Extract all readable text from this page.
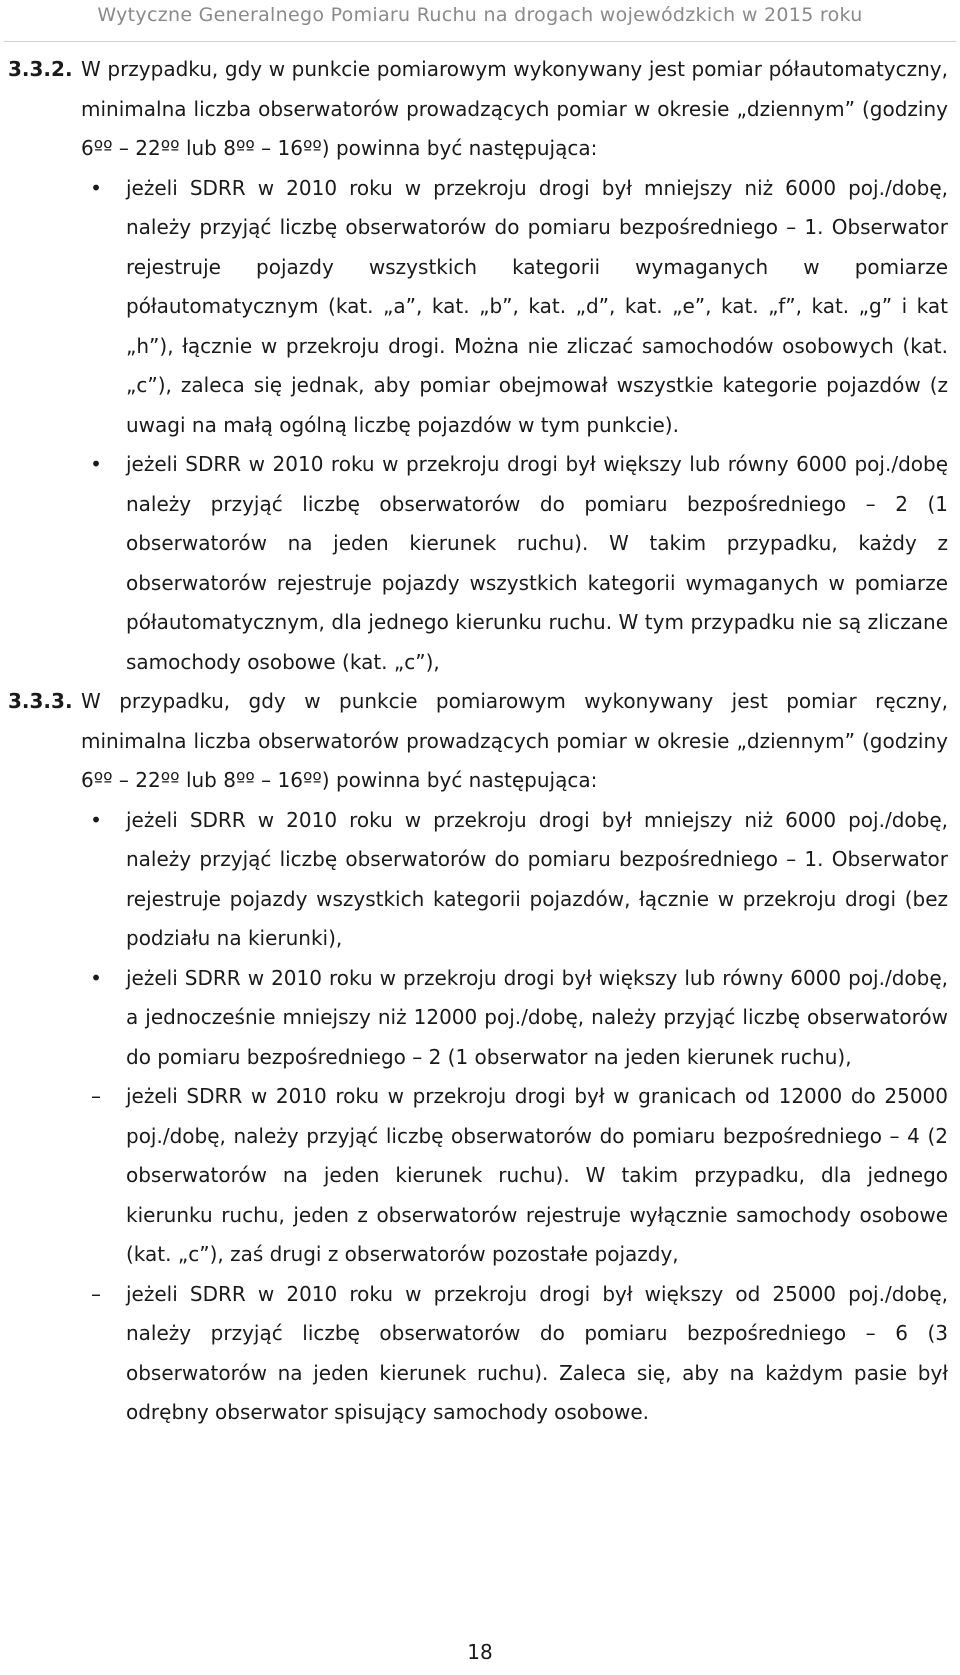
Wytyczne Generalnego Pomiaru Ruchu na drogach wojewódzkich w 2015 roku
3.3.2. W przypadku, gdy w punkcie pomiarowym wykonywany jest pomiar półautomatyczny, minimalna liczba obserwatorów prowadzących pomiar w okresie „dziennym” (godziny 6ºº – 22ºº lub 8ºº – 16ºº) powinna być następująca:
• jeżeli SDRR w 2010 roku w przekroju drogi był mniejszy niż 6000 poj./dobę, należy przyjąć liczbę obserwatorów do pomiaru bezpośredniego – 1. Obserwator rejestruje pojazdy wszystkich kategorii wymaganych w pomiarze półautomatycznym (kat. „a”, kat. „b”, kat. „d”, kat. „e”, kat. „f”, kat. „g” i kat „h”), łącznie w przekroju drogi. Można nie zliczać samochodów osobowych (kat. „c”), zaleca się jednak, aby pomiar obejmował wszystkie kategorie pojazdów (z uwagi na małą ogólną liczbę pojazdów w tym punkcie).
• jeżeli SDRR w 2010 roku w przekroju drogi był większy lub równy 6000 poj./dobę należy przyjąć liczbę obserwatorów do pomiaru bezpośredniego – 2 (1 obserwatorów na jeden kierunek ruchu). W takim przypadku, każdy z obserwatorów rejestruje pojazdy wszystkich kategorii wymaganych w pomiarze półautomatycznym, dla jednego kierunku ruchu. W tym przypadku nie są zliczane samochody osobowe (kat. „c”),
3.3.3. W przypadku, gdy w punkcie pomiarowym wykonywany jest pomiar ręczny, minimalna liczba obserwatorów prowadzących pomiar w okresie „dziennym” (godziny 6ºº – 22ºº lub 8ºº – 16ºº) powinna być następująca:
• jeżeli SDRR w 2010 roku w przekroju drogi był mniejszy niż 6000 poj./dobę, należy przyjąć liczbę obserwatorów do pomiaru bezpośredniego – 1. Obserwator rejestruje pojazdy wszystkich kategorii pojazdów, łącznie w przekroju drogi (bez podziału na kierunki),
• jeżeli SDRR w 2010 roku w przekroju drogi był większy lub równy 6000 poj./dobę, a jednocześnie mniejszy niż 12000 poj./dobę, należy przyjąć liczbę obserwatorów do pomiaru bezpośredniego – 2 (1 obserwator na jeden kierunek ruchu),
– jeżeli SDRR w 2010 roku w przekroju drogi był w granicach od 12000 do 25000 poj./dobę, należy przyjąć liczbę obserwatorów do pomiaru bezpośredniego – 4 (2 obserwatorów na jeden kierunek ruchu). W takim przypadku, dla jednego kierunku ruchu, jeden z obserwatorów rejestruje wyłącznie samochody osobowe (kat. „c”), zaś drugi z obserwatorów pozostałe pojazdy,
– jeżeli SDRR w 2010 roku w przekroju drogi był większy od 25000 poj./dobę, należy przyjąć liczbę obserwatorów do pomiaru bezpośredniego – 6 (3 obserwatorów na jeden kierunek ruchu). Zaleca się, aby na każdym pasie był odrębny obserwator spisujący samochody osobowe.
18
